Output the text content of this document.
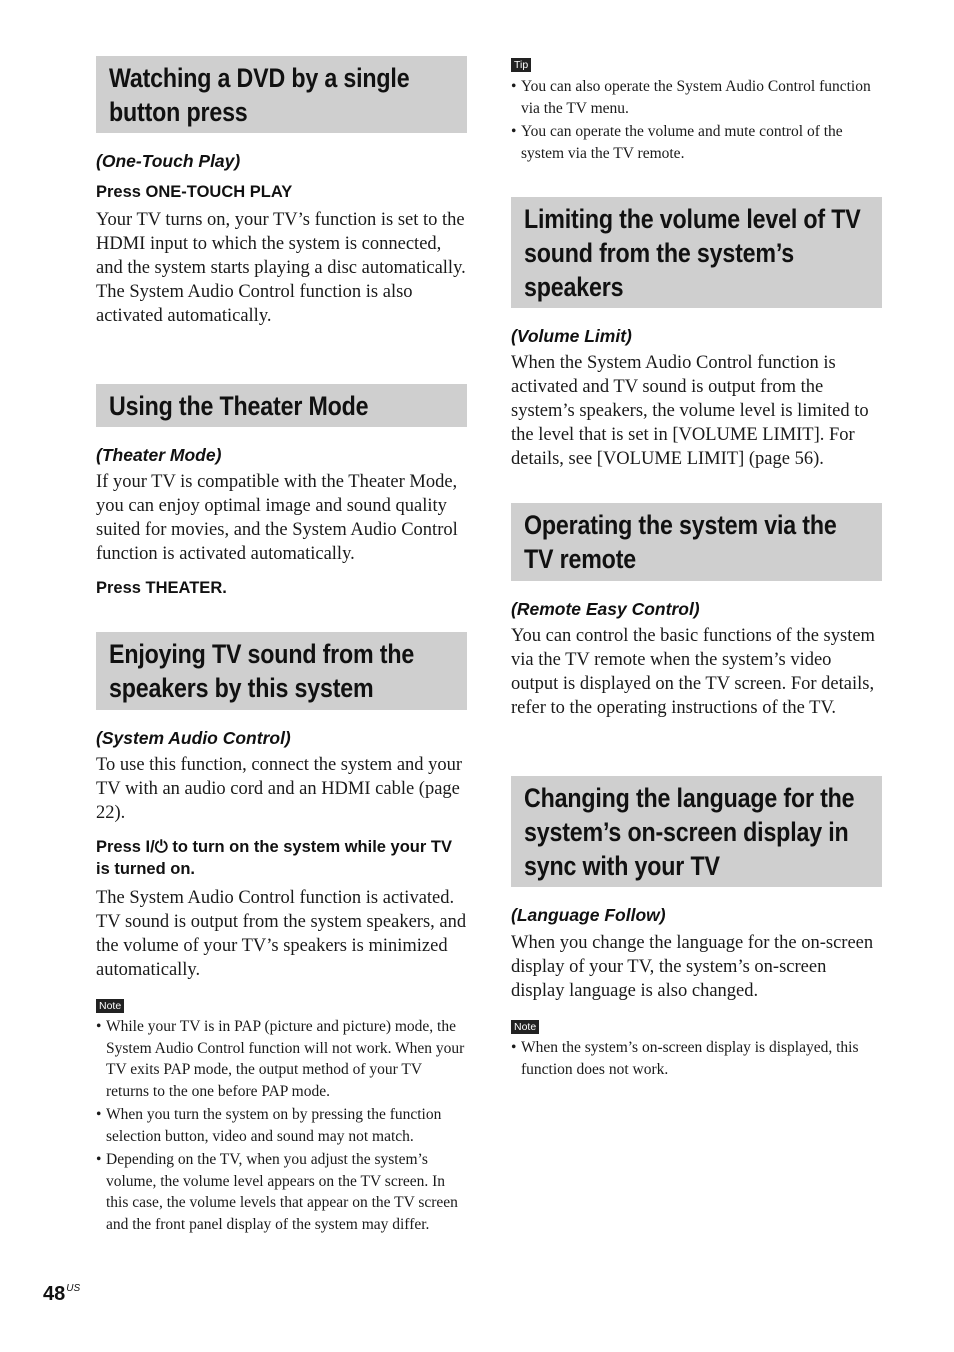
Watching a DVD by a single button press
(One-Touch Play)
Press ONE-TOUCH PLAY

Your TV turns on, your TV’s function is set to the HDMI input to which the system is connected, and the system starts playing a disc automatically.

The System Audio Control function is also activated automatically.

Using the Theater Mode
(Theater Mode)

If your TV is compatible with the Theater Mode, you can enjoy optimal image and sound quality suited for movies, and the System Audio Control function is activated automatically.

Press THEATER.
Enjoying TV sound from the speakers by this system
(System Audio Control)

To use this function, connect the system and your TV with an audio cord and an HDMI cable (page 22).

Press I/⏻ to turn on the system while your TV is turned on.

The System Audio Control function is activated. TV sound is output from the system speakers, and the volume of your TV’s speakers is minimized automatically.

Note
• While your TV is in PAP (picture and picture) mode, the System Audio Control function will not work. When your TV exits PAP mode, the output method of your TV returns to the one before PAP mode.
• When you turn the system on by pressing the function selection button, video and sound may not match.
• Depending on the TV, when you adjust the system’s volume, the volume level appears on the TV screen. In this case, the volume levels that appear on the TV screen and the front panel display of the system may differ.
Tip
• You can also operate the System Audio Control function via the TV menu.
• You can operate the volume and mute control of the system via the TV remote.
Limiting the volume level of TV sound from the system’s speakers
(Volume Limit)

When the System Audio Control function is activated and TV sound is output from the system’s speakers, the volume level is limited to the level that is set in [VOLUME LIMIT]. For details, see [VOLUME LIMIT] (page 56).

Operating the system via the TV remote
(Remote Easy Control)

You can control the basic functions of the system via the TV remote when the system’s video output is displayed on the TV screen. For details, refer to the operating instructions of the TV.

Changing the language for the system’s on-screen display in sync with your TV
(Language Follow)

When you change the language for the on-screen display of your TV, the system’s on-screen display language is also changed.

Note
• When the system’s on-screen display is displayed, this function does not work.
$48^{US}$
